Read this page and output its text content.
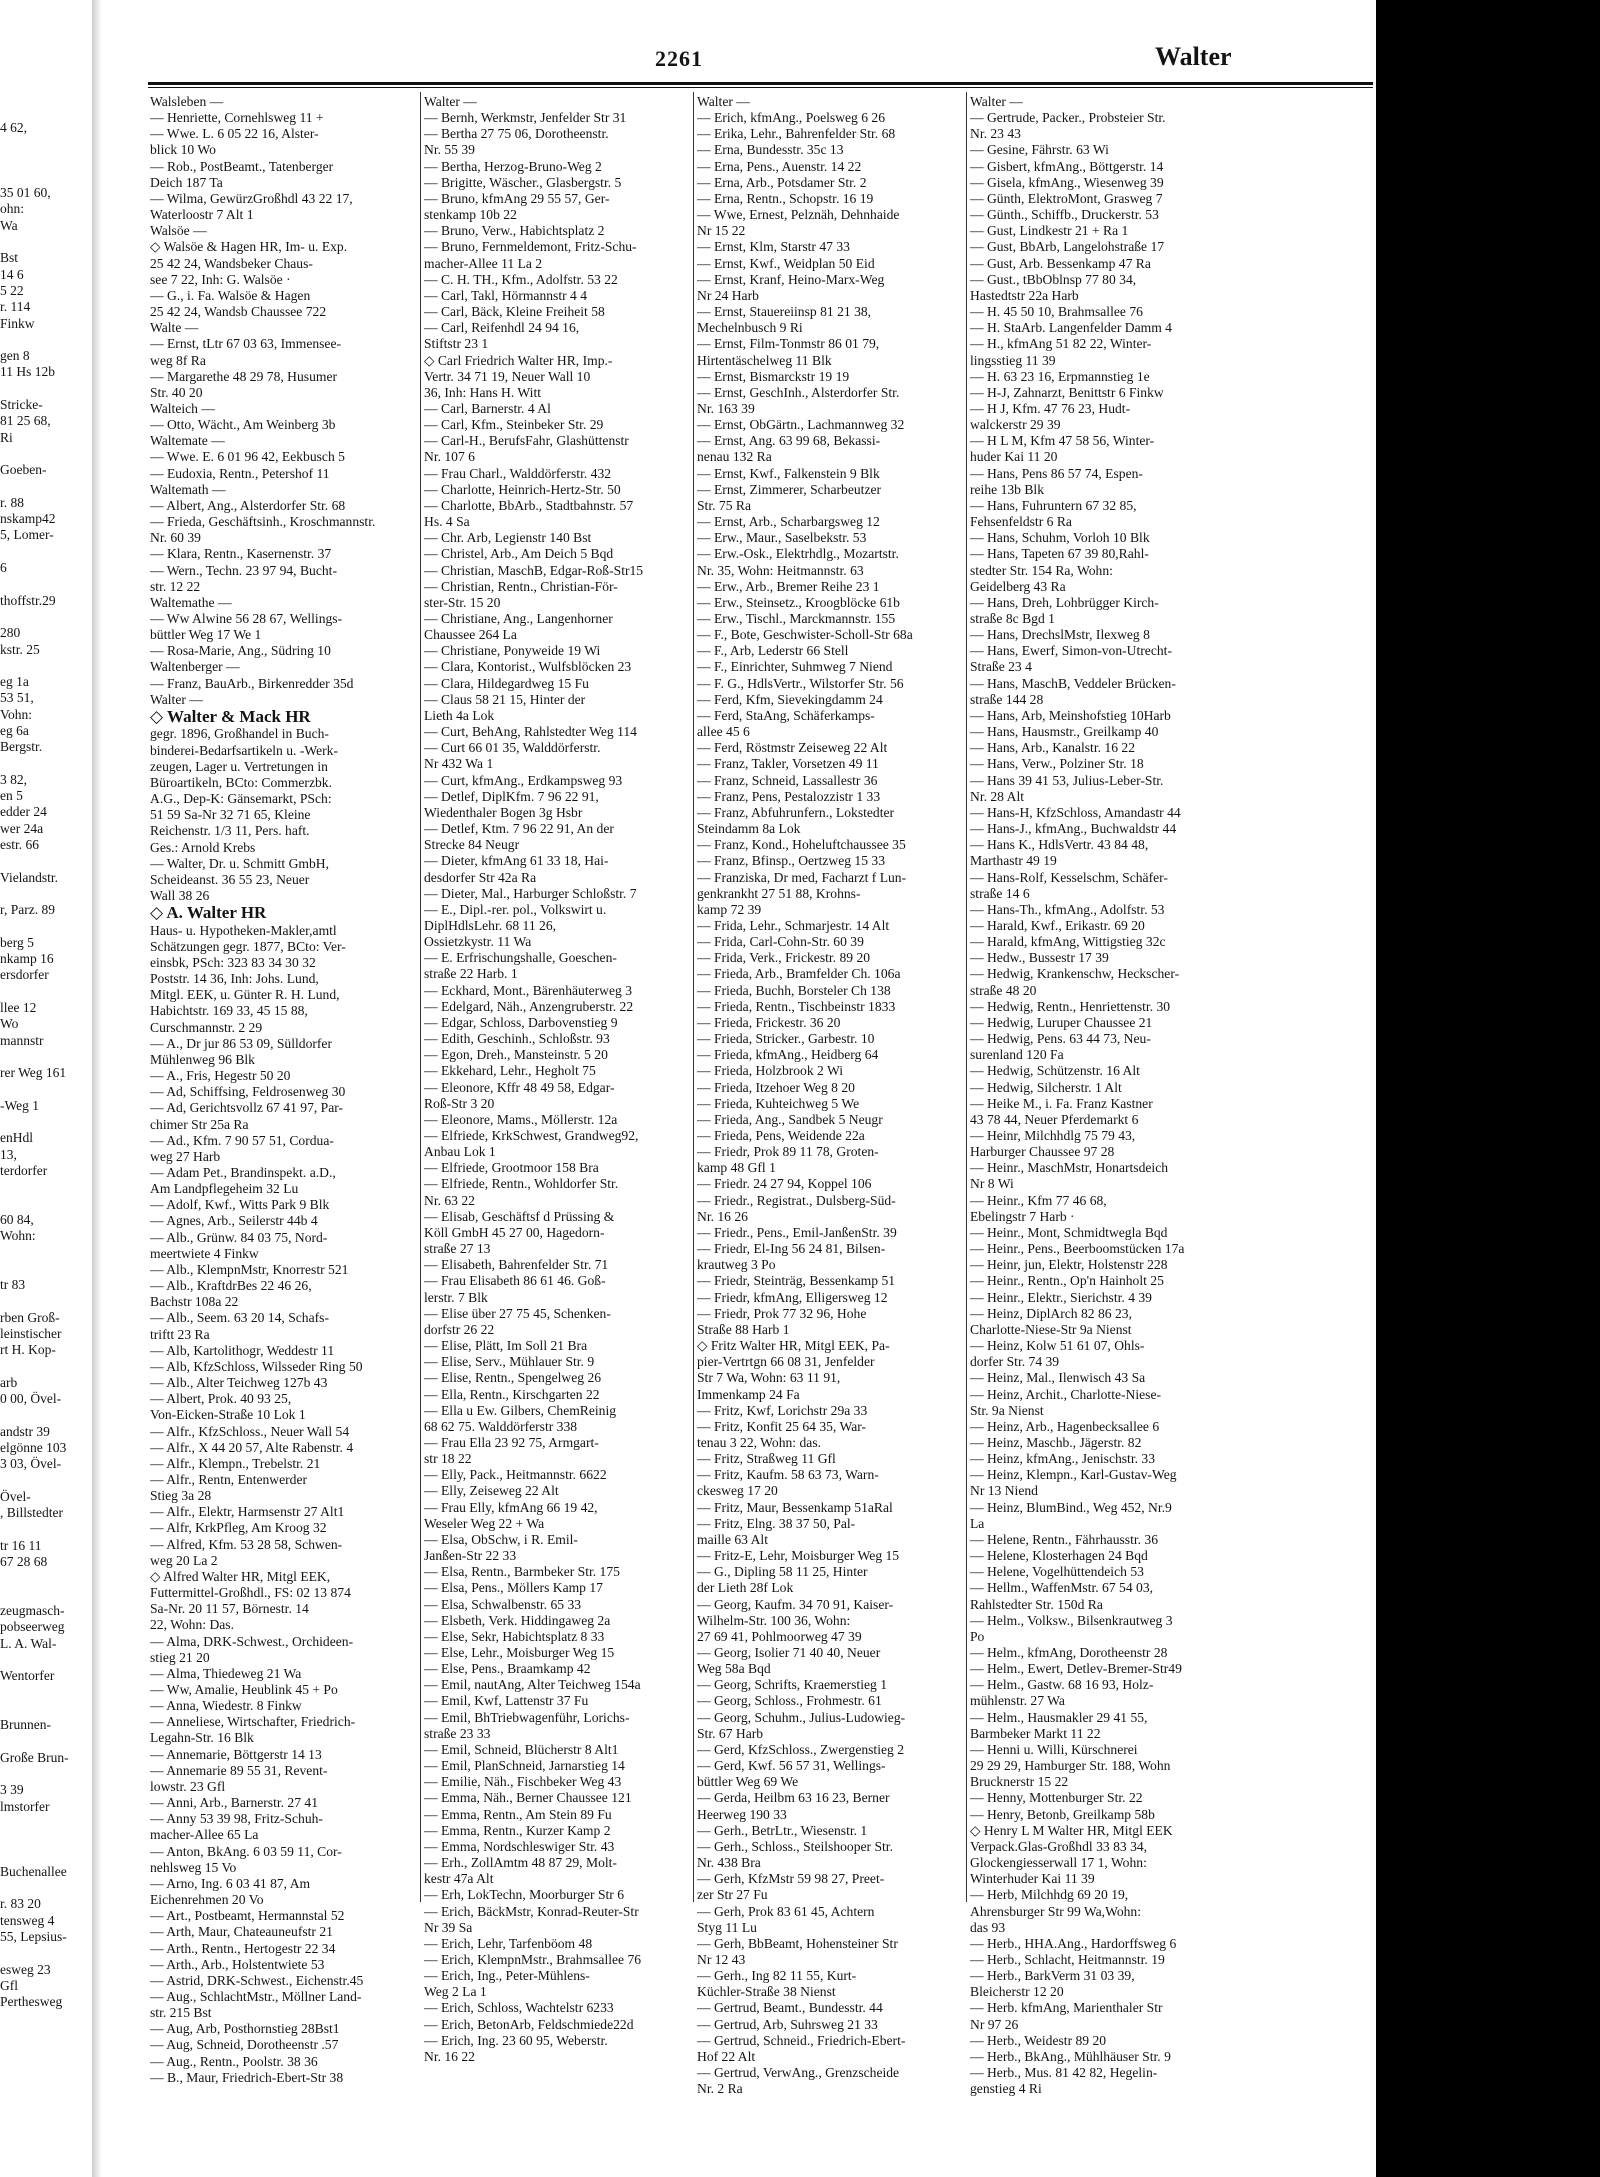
4 62,

35 01 60,
ohn:
Wa

Bst
14 6
5 22
r. 114
Finkw

gen 8
11 Hs 12b

Stricke-
81 25 68,
Ri

Goeben-

r. 88
nskamp42
5, Lomer-

6

thoffstr.29

280
kstr. 25

eg 1a
53 51,
Vohn:
eg 6a
Bergstr.

3 82,
en 5
edder 24
wer 24a
estr. 66

Vielandstr.

r, Parz. 89

berg 5
nkamp 16
ersdorfer

llee 12
Wo
mannstr

rer Weg 161

-Weg 1

enHdl
13,
terdorfer

60 84,
Wohn:

tr 83

rben Groß-
leinstischer
rt H. Kop-

arb
0 00, Övel-

andstr 39
elgönne 103
3 03, Övel-

Övel-
, Billstedter

tr 16 11
67 28 68

zeugmasch-
pobseerweg
L. A. Wal-

Wentorfer

Brunnen-

Große Brun-

3 39
lmstorfer

Buchenallee

r. 83 20
tensweg 4
55, Lepsius-

esweg 23
Gfl
Perthesweg
2261	Walter
Walsleben —
— Henriette, Cornehlsweg 11 +
— Wwe. L. 6 05 22 16, Alster-
blick 10 Wo
— Rob., PostBeamt., Tatenberger
Deich 187 Ta
— Wilma, GewürzGroßhdl 43 22 17,
Waterloostr 7 Alt 1
Walsöe —
◇ Walsöe & Hagen HR, Im- u. Exp.
25 42 24, Wandsbeker Chaus-
see 7 22, Inh: G. Walsöe ·
— G., i. Fa. Walsöe & Hagen
25 42 24, Wandsb Chaussee 722
Walte —
— Ernst, tLtr 67 03 63, Immensee-
weg 8f Ra
— Margarethe 48 29 78, Husumer
Str. 40 20
Walteich —
— Otto, Wächt., Am Weinberg 3b
Waltemate —
— Wwe. E. 6 01 96 42, Eekbusch 5
— Eudoxia, Rentn., Petershof 11
Waltemath —
— Albert, Ang., Alsterdorfer Str. 68
— Frieda, Geschäftsinh., Kroschmannstr.
Nr. 60 39
— Klara, Rentn., Kasernenstr. 37
— Wern., Techn. 23 97 94, Bucht-
str. 12 22
Waltemathe —
— Ww Alwine 56 28 67, Wellings-
büttler Weg 17 We 1
— Rosa-Marie, Ang., Südring 10
Waltenberger —
— Franz, BauArb., Birkenredder 35d
Walter —
◇ Walter & Mack HR
gegr. 1896, Großhandel in Buch-
binderei-Bedarfsartikeln u. -Werk-
zeugen, Lager u. Vertretungen in
Büroartikeln, BCto: Commerzbk.
A.G., Dep-K: Gänsemarkt, PSch:
51 59 Sa-Nr 32 71 65, Kleine
Reichenstr. 1/3 11, Pers. haft.
Ges.: Arnold Krebs
— Walter, Dr. u. Schmitt GmbH,
Scheideanst. 36 55 23, Neuer
Wall 38 26
◇ A. Walter HR
Haus- u. Hypotheken-Makler,amtl
Schätzungen gegr. 1877, BCto: Ver-
einsbk, PSch: 323 83 34 30 32
Poststr. 14 36, Inh: Johs. Lund,
Mitgl. EEK, u. Günter R. H. Lund,
Habichtstr. 169 33, 45 15 88,
Curschmannstr. 2 29
— A., Dr jur 86 53 09, Sülldorfer
Mühlenweg 96 Blk
— A., Fris, Hegestr 50 20
— Ad, Schiffsing, Feldrosenweg 30
— Ad, Gerichtsvollz 67 41 97, Par-
chimer Str 25a Ra
— Ad., Kfm. 7 90 57 51, Cordua-
weg 27 Harb
— Adam Pet., Brandinspekt. a.D.,
Am Landpflegeheim 32 Lu
— Adolf, Kwf., Witts Park 9 Blk
— Agnes, Arb., Seilerstr 44b 4
— Alb., Grünw. 84 03 75, Nord-
meertwiete 4 Finkw
— Alb., KlempnMstr, Knorrestr 521
— Alb., KraftdrBes 22 46 26,
Bachstr 108a 22
— Alb., Seem. 63 20 14, Schafs-
triftt 23 Ra
— Alb, Kartolithogr, Weddestr 11
— Alb, KfzSchloss, Wilsseder Ring 50
— Alb., Alter Teichweg 127b 43
— Albert, Prok. 40 93 25,
Von-Eicken-Straße 10 Lok 1
— Alfr., KfzSchloss., Neuer Wall 54
— Alfr., X 44 20 57, Alte Rabenstr. 4
— Alfr., Klempn., Trebelstr. 21
— Alfr., Rentn, Entenwerder
Stieg 3a 28
— Alfr., Elektr, Harmsenstr 27 Alt1
— Alfr, KrkPfleg, Am Kroog 32
— Alfred, Kfm. 53 28 58, Schwen-
weg 20 La 2
◇ Alfred Walter HR, Mitgl EEK,
Futtermittel-Großhdl., FS: 02 13 874
Sa-Nr. 20 11 57, Börnestr. 14
22, Wohn: Das.
— Alma, DRK-Schwest., Orchideen-
stieg 21 20
— Alma, Thiedeweg 21 Wa
— Ww, Amalie, Heublink 45 + Po
— Anna, Wiedestr. 8 Finkw
— Anneliese, Wirtschafter, Friedrich-
Legahn-Str. 16 Blk
— Annemarie, Böttgerstr 14 13
— Annemarie 89 55 31, Revent-
lowstr. 23 Gfl
— Anni, Arb., Barnerstr. 27 41
— Anny 53 39 98, Fritz-Schuh-
macher-Allee 65 La
— Anton, BkAng. 6 03 59 11, Cor-
nehlsweg 15 Vo
— Arno, Ing. 6 03 41 87, Am
Eichenrehmen 20 Vo
— Art., Postbeamt, Hermannstal 52
— Arth, Maur, Chateauneufstr 21
— Arth., Rentn., Hertogestr 22 34
— Arth., Arb., Holstentwiete 53
— Astrid, DRK-Schwest., Eichenstr.45
— Aug., SchlachtMstr., Möllner Land-
str. 215 Bst
— Aug, Arb, Posthornstieg 28Bst1
— Aug, Schneid, Dorotheenstr .57
— Aug., Rentn., Poolstr. 38 36
— B., Maur, Friedrich-Ebert-Str 38
Walter —
— Bernh, Werkmstr, Jenfelder Str 31
— Bertha 27 75 06, Dorotheenstr.
Nr. 55 39
— Bertha, Herzog-Bruno-Weg 2
— Brigitte, Wäscher., Glasbergstr. 5
— Bruno, kfmAng 29 55 57, Ger-
stenkamp 10b 22
— Bruno, Verw., Habichtsplatz 2
— Bruno, Fernmeldemont, Fritz-Schu-
macher-Allee 11 La 2
— C. H. TH., Kfm., Adolfstr. 53 22
— Carl, Takl, Hörmannstr 4 4
— Carl, Bäck, Kleine Freiheit 58
— Carl, Reifenhdl 24 94 16,
Stiftstr 23 1
◇ Carl Friedrich Walter HR, Imp.-
Vertr. 34 71 19, Neuer Wall 10
36, Inh: Hans H. Witt
— Carl, Barnerstr. 4 Al
— Carl, Kfm., Steinbeker Str. 29
— Carl-H., BerufsFahr, Glashüttenstr
Nr. 107 6
— Frau Charl., Walddörferstr. 432
— Charlotte, Heinrich-Hertz-Str. 50
— Charlotte, BbArb., Stadtbahnstr. 57
Hs. 4 Sa
— Chr. Arb, Legienstr 140 Bst
— Christel, Arb., Am Deich 5 Bqd
— Christian, MaschB, Edgar-Roß-Str15
— Christian, Rentn., Christian-För-
ster-Str. 15 20
— Christiane, Ang., Langenhorner
Chaussee 264 La
— Christiane, Ponyweide 19 Wi
— Clara, Kontorist., Wulfsblöcken 23
— Clara, Hildegardweg 15 Fu
— Claus 58 21 15, Hinter der
Lieth 4a Lok
— Curt, BehAng, Rahlstedter Weg 114
— Curt 66 01 35, Walddörferstr.
Nr 432 Wa 1
— Curt, kfmAng., Erdkampsweg 93
— Detlef, DiplKfm. 7 96 22 91,
Wiedenthaler Bogen 3g Hsbr
— Detlef, Ktm. 7 96 22 91, An der
Strecke 84 Neugr
— Dieter, kfmAng 61 33 18, Hai-
desdorfer Str 42a Ra
— Dieter, Mal., Harburger Schloßstr. 7
— E., Dipl.-rer. pol., Volkswirt u.
DiplHdlsLehr. 68 11 26,
Ossietzkystr. 11 Wa
— E. Erfrischungshalle, Goeschen-
straße 22 Harb. 1
— Eckhard, Mont., Bärenhäuterweg 3
— Edelgard, Näh., Anzengruberstr. 22
— Edgar, Schloss, Darbovenstieg 9
— Edith, Geschinh., Schloßstr. 93
— Egon, Dreh., Mansteinstr. 5 20
— Ekkehard, Lehr., Hegholt 75
— Eleonore, Kffr 48 49 58, Edgar-
Roß-Str 3 20
— Eleonore, Mams., Möllerstr. 12a
— Elfriede, KrkSchwest, Grandweg92,
Anbau Lok 1
— Elfriede, Grootmoor 158 Bra
— Elfriede, Rentn., Wohldorfer Str.
Nr. 63 22
— Elisab, Geschäftsf d Prüssing &
Köll GmbH 45 27 00, Hagedorn-
straße 27 13
— Elisabeth, Bahrenfelder Str. 71
— Frau Elisabeth 86 61 46. Goß-
lerstr. 7 Blk
— Elise über 27 75 45, Schenken-
dorfstr 26 22
— Elise, Plätt, Im Soll 21 Bra
— Elise, Serv., Mühlauer Str. 9
— Elise, Rentn., Spengelweg 26
— Ella, Rentn., Kirschgarten 22
— Ella u Ew. Gilbers, ChemReinig
68 62 75. Walddörferstr 338
— Frau Ella 23 92 75, Armgart-
str 18 22
— Elly, Pack., Heitmannstr. 6622
— Elly, Zeiseweg 22 Alt
— Frau Elly, kfmAng 66 19 42,
Weseler Weg 22 + Wa
— Elsa, ObSchw, i R. Emil-
Janßen-Str 22 33
— Elsa, Rentn., Barmbeker Str. 175
— Elsa, Pens., Möllers Kamp 17
— Elsa, Schwalbenstr. 65 33
— Elsbeth, Verk. Hiddingaweg 2a
— Else, Sekr, Habichtsplatz 8 33
— Else, Lehr., Moisburger Weg 15
— Else, Pens., Braamkamp 42
— Emil, nautAng, Alter Teichweg 154a
— Emil, Kwf, Lattenstr 37 Fu
— Emil, BhTriebwagenführ, Lorichs-
straße 23 33
— Emil, Schneid, Blücherstr 8 Alt1
— Emil, PlanSchneid, Jarnarstieg 14
— Emilie, Näh., Fischbeker Weg 43
— Emma, Näh., Berner Chaussee 121
— Emma, Rentn., Am Stein 89 Fu
— Emma, Rentn., Kurzer Kamp 2
— Emma, Nordschleswiger Str. 43
— Erh., ZollAmtm 48 87 29, Molt-
kestr 47a Alt
— Erh, LokTechn, Moorburger Str 6
— Erich, BäckMstr, Konrad-Reuter-Str
Nr 39 Sa
— Erich, Lehr, Tarfenböom 48
— Erich, KlempnMstr., Brahmsallee 76
— Erich, Ing., Peter-Mühlens-
Weg 2 La 1
— Erich, Schloss, Wachtelstr 6233
— Erich, BetonArb, Feldschmiede22d
— Erich, Ing. 23 60 95, Weberstr.
Nr. 16 22
Walter —
— Erich, kfmAng., Poelsweg 6 26
— Erika, Lehr., Bahrenfelder Str. 68
— Erna, Bundesstr. 35c 13
— Erna, Pens., Auenstr. 14 22
— Erna, Arb., Potsdamer Str. 2
— Erna, Rentn., Schopstr. 16 19
— Wwe, Ernest, Pelznäh, Dehnhaide
Nr 15 22
— Ernst, Klm, Starstr 47 33
— Ernst, Kwf., Weidplan 50 Eid
— Ernst, Kranf, Heino-Marx-Weg
Nr 24 Harb
— Ernst, Stauereiinsp 81 21 38,
Mechelnbusch 9 Ri
— Ernst, Film-Tonmstr 86 01 79,
Hirtentäschelweg 11 Blk
— Ernst, Bismarckstr 19 19
— Ernst, GeschInh., Alsterdorfer Str.
Nr. 163 39
— Ernst, ObGärtn., Lachmannweg 32
— Ernst, Ang. 63 99 68, Bekassi-
nenau 132 Ra
— Ernst, Kwf., Falkenstein 9 Blk
— Ernst, Zimmerer, Scharbeutzer
Str. 75 Ra
— Ernst, Arb., Scharbargsweg 12
— Erw., Maur., Saselbekstr. 53
— Erw.-Osk., Elektrhdlg., Mozartstr.
Nr. 35, Wohn: Heitmannstr. 63
— Erw., Arb., Bremer Reihe 23 1
— Erw., Steinsetz., Kroogblöcke 61b
— Erw., Tischl., Marckmannstr. 155
— F., Bote, Geschwister-Scholl-Str 68a
— F., Arb, Lederstr 66 Stell
— F., Einrichter, Suhmweg 7 Niend
— F. G., HdlsVertr., Wilstorfer Str. 56
— Ferd, Kfm, Sievekingdamm 24
— Ferd, StaAng, Schäferkamps-
allee 45 6
— Ferd, Röstmstr Zeiseweg 22 Alt
— Franz, Takler, Vorsetzen 49 11
— Franz, Schneid, Lassallestr 36
— Franz, Pens, Pestalozzistr 1 33
— Franz, Abfuhrunfern., Lokstedter
Steindamm 8a Lok
— Franz, Kond., Hoheluftchaussee 35
— Franz, Bfinsp., Oertzweg 15 33
— Franziska, Dr med, Facharzt f Lun-
genkrankht 27 51 88, Krohns-
kamp 72 39
— Frida, Lehr., Schmarjestr. 14 Alt
— Frida, Carl-Cohn-Str. 60 39
— Frida, Verk., Frickestr. 89 20
— Frieda, Arb., Bramfelder Ch. 106a
— Frieda, Buchh, Borsteler Ch 138
— Frieda, Rentn., Tischbeinstr 1833
— Frieda, Frickestr. 36 20
— Frieda, Stricker., Garbestr. 10
— Frieda, kfmAng., Heidberg 64
— Frieda, Holzbrook 2 Wi
— Frieda, Itzehoer Weg 8 20
— Frieda, Kuhteichweg 5 We
— Frieda, Ang., Sandbek 5 Neugr
— Frieda, Pens, Weidende 22a
— Friedr, Prok 89 11 78, Groten-
kamp 48 Gfl 1
— Friedr. 24 27 94, Koppel 106
— Friedr., Registrat., Dulsberg-Süd-
Nr. 16 26
— Friedr., Pens., Emil-JanßenStr. 39
— Friedr, El-Ing 56 24 81, Bilsen-
krautweg 3 Po
— Friedr, Steinträg, Bessenkamp 51
— Friedr, kfmAng, Elligersweg 12
— Friedr, Prok 77 32 96, Hohe
Straße 88 Harb 1
◇ Fritz Walter HR, Mitgl EEK, Pa-
pier-Vertrtgn 66 08 31, Jenfelder
Str 7 Wa, Wohn: 63 11 91,
Immenkamp 24 Fa
— Fritz, Kwf, Lorichstr 29a 33
— Fritz, Konfit 25 64 35, War-
tenau 3 22, Wohn: das.
— Fritz, Straßweg 11 Gfl
— Fritz, Kaufm. 58 63 73, Warn-
ckesweg 17 20
— Fritz, Maur, Bessenkamp 51aRal
— Fritz, Elng. 38 37 50, Pal-
maille 63 Alt
— Fritz-E, Lehr, Moisburger Weg 15
— G., Dipling 58 11 25, Hinter
der Lieth 28f Lok
— Georg, Kaufm. 34 70 91, Kaiser-
Wilhelm-Str. 100 36, Wohn:
27 69 41, Pohlmoorweg 47 39
— Georg, Isolier 71 40 40, Neuer
Weg 58a Bqd
— Georg, Schrifts, Kraemerstieg 1
— Georg, Schloss., Frohmestr. 61
— Georg, Schuhm., Julius-Ludowieg-
Str. 67 Harb
— Gerd, KfzSchloss., Zwergenstieg 2
— Gerd, Kwf. 56 57 31, Wellings-
büttler Weg 69 We
— Gerda, Heilbm 63 16 23, Berner
Heerweg 190 33
— Gerh., BetrLtr., Wiesenstr. 1
— Gerh., Schloss., Steilshooper Str.
Nr. 438 Bra
— Gerh, KfzMstr 59 98 27, Preet-
zer Str 27 Fu
— Gerh, Prok 83 61 45, Achtern
Styg 11 Lu
— Gerh, BbBeamt, Hohensteiner Str
Nr 12 43
— Gerh., Ing 82 11 55, Kurt-
Küchler-Straße 38 Nienst
— Gertrud, Beamt., Bundesstr. 44
— Gertrud, Arb, Suhrsweg 21 33
— Gertrud, Schneid., Friedrich-Ebert-
Hof 22 Alt
— Gertrud, VerwAng., Grenzscheide
Nr. 2 Ra
Walter —
— Gertrude, Packer., Probsteier Str.
Nr. 23 43
— Gesine, Fährstr. 63 Wi
— Gisbert, kfmAng., Böttgerstr. 14
— Gisela, kfmAng., Wiesenweg 39
— Günth, ElektroMont, Grasweg 7
— Günth., Schiffb., Druckerstr. 53
— Gust, Lindkestr 21 + Ra 1
— Gust, BbArb, Langelohstraße 17
— Gust, Arb. Bessenkamp 47 Ra
— Gust., tBbOblnsp 77 80 34,
Hastedtstr 22a Harb
— H. 45 50 10, Brahmsallee 76
— H. StaArb. Langenfelder Damm 4
— H., kfmAng 51 82 22, Winter-
lingsstieg 11 39
— H. 63 23 16, Erpmannstieg 1e
— H-J, Zahnarzt, Benittstr 6 Finkw
— H J, Kfm. 47 76 23, Hudt-
walckerstr 29 39
— H L M, Kfm 47 58 56, Winter-
huder Kai 11 20
— Hans, Pens 86 57 74, Espen-
reihe 13b Blk
— Hans, Fuhruntern 67 32 85,
Fehsenfeldstr 6 Ra
— Hans, Schuhm, Vorloh 10 Blk
— Hans, Tapeten 67 39 80,Rahl-
stedter Str. 154 Ra, Wohn:
Geidelberg 43 Ra
— Hans, Dreh, Lohbrügger Kirch-
straße 8c Bgd 1
— Hans, DrechslMstr, Ilexweg 8
— Hans, Ewerf, Simon-von-Utrecht-
Straße 23 4
— Hans, MaschB, Veddeler Brücken-
straße 144 28
— Hans, Arb, Meinshofstieg 10Harb
— Hans, Hausmstr., Greilkamp 40
— Hans, Arb., Kanalstr. 16 22
— Hans, Verw., Polziner Str. 18
— Hans 39 41 53, Julius-Leber-Str.
Nr. 28 Alt
— Hans-H, KfzSchloss, Amandastr 44
— Hans-J., kfmAng., Buchwaldstr 44
— Hans K., HdlsVertr. 43 84 48,
Marthastr 49 19
— Hans-Rolf, Kesselschm, Schäfer-
straße 14 6
— Hans-Th., kfmAng., Adolfstr. 53
— Harald, Kwf., Erikastr. 69 20
— Harald, kfmAng, Wittigstieg 32c
— Hedw., Bussestr 17 39
— Hedwig, Krankenschw, Heckscher-
straße 48 20
— Hedwig, Rentn., Henriettenstr. 30
— Hedwig, Luruper Chaussee 21
— Hedwig, Pens. 63 44 73, Neu-
surenland 120 Fa
— Hedwig, Schützenstr. 16 Alt
— Hedwig, Silcherstr. 1 Alt
— Heike M., i. Fa. Franz Kastner
43 78 44, Neuer Pferdemarkt 6
— Heinr, Milchhdlg 75 79 43,
Harburger Chaussee 97 28
— Heinr., MaschMstr, Honartsdeich
Nr 8 Wi
— Heinr., Kfm 77 46 68,
Ebelingstr 7 Harb ·
— Heinr., Mont, Schmidtwegla Bqd
— Heinr., Pens., Beerboomstücken 17a
— Heinr, jun, Elektr, Holstenstr 228
— Heinr., Rentn., Op'n Hainholt 25
— Heinr., Elektr., Sierichstr. 4 39
— Heinz, DiplArch 82 86 23,
Charlotte-Niese-Str 9a Nienst
— Heinz, Kolw 51 61 07, Ohls-
dorfer Str. 74 39
— Heinz, Mal., Ilenwisch 43 Sa
— Heinz, Archit., Charlotte-Niese-
Str. 9a Nienst
— Heinz, Arb., Hagenbecksallee 6
— Heinz, Maschb., Jägerstr. 82
— Heinz, kfmAng., Jenischstr. 33
— Heinz, Klempn., Karl-Gustav-Weg
Nr 13 Niend
— Heinz, BlumBind., Weg 452, Nr.9
La
— Helene, Rentn., Fährhausstr. 36
— Helene, Klosterhagen 24 Bqd
— Helene, Vogelhüttendeich 53
— Hellm., WaffenMstr. 67 54 03,
Rahlstedter Str. 150d Ra
— Helm., Volksw., Bilsenkrautweg 3
Po
— Helm., kfmAng, Dorotheenstr 28
— Helm., Ewert, Detlev-Bremer-Str49
— Helm., Gastw. 68 16 93, Holz-
mühlenstr. 27 Wa
— Helm., Hausmakler 29 41 55,
Barmbeker Markt 11 22
— Henni u. Willi, Kürschnerei
29 29 29, Hamburger Str. 188, Wohn
Brucknerstr 15 22
— Henny, Mottenburger Str. 22
— Henry, Betonb, Greilkamp 58b
◇ Henry L M Walter HR, Mitgl EEK
Verpack.Glas-Großhdl 33 83 34,
Glockengiesserwall 17 1, Wohn:
Winterhuder Kai 11 39
— Herb, Milchhdg 69 20 19,
Ahrensburger Str 99 Wa,Wohn:
das 93
— Herb., HHA.Ang., Hardorffsweg 6
— Herb., Schlacht, Heitmannstr. 19
— Herb., BarkVerm 31 03 39,
Bleicherstr 12 20
— Herb. kfmAng, Marienthaler Str
Nr 97 26
— Herb., Weidestr 89 20
— Herb., BkAng., Mühlhäuser Str. 9
— Herb., Mus. 81 42 82, Hegelin-
genstieg 4 Ri
